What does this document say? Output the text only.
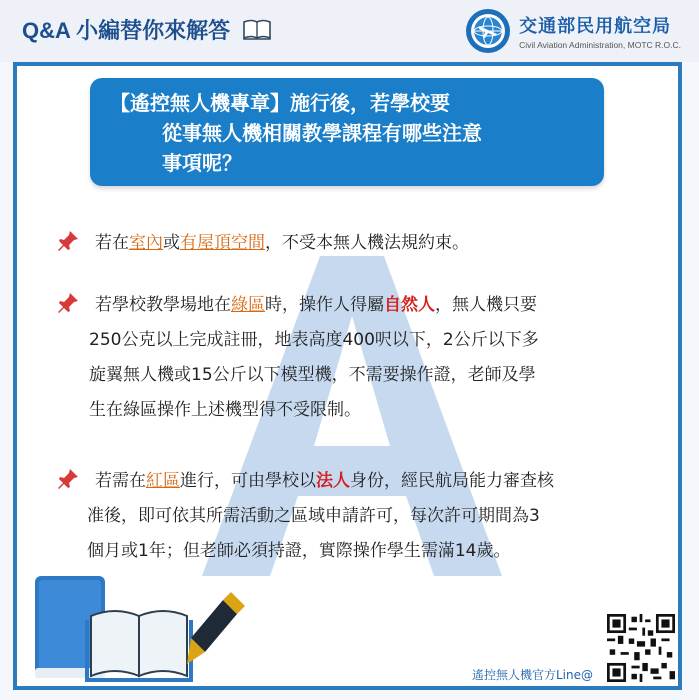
Q&A 小編替你來解答	交通部民用航空局
Civil Aviation Administration, MOTC R.O.C.
【遙控無人機專章】施行後，若學校要
從事無人機相關教學課程有哪些注意
事項呢？
若在室內或有屋頂空間，不受本無人機法規約束。
若學校教學場地在綠區時，操作人得屬自然人，無人機只要
250公克以上完成註冊，地表高度400呎以下，2公斤以下多
旋翼無人機或15公斤以下模型機，不需要操作證，老師及學
生在綠區操作上述機型得不受限制。
若需在紅區進行，可由學校以法人身份，經民航局能力審查核
准後，即可依其所需活動之區域申請許可，每次許可期間為3
個月或1年；但老師必須持證，實際操作學生需滿14歲。
遙控無人機官方Line@
